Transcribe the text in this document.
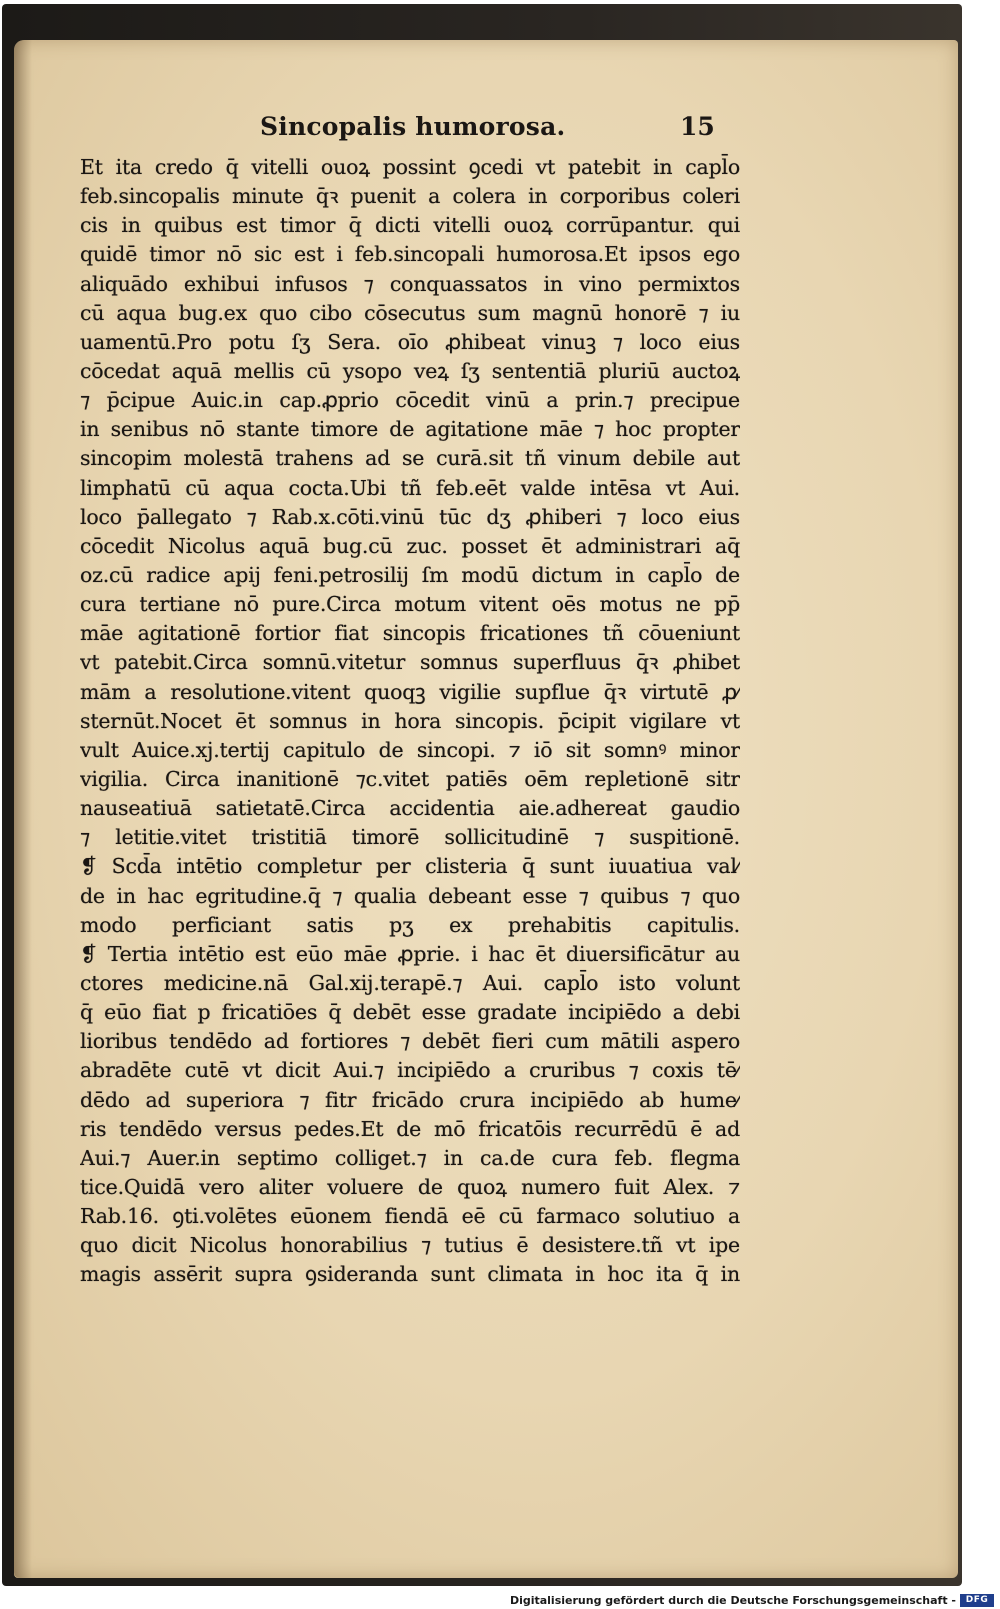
Sincopalis humorosa.	15
Et ita credo q̄ vitelli ouoꝝ possint ꝯcedi vt patebit in capl̄o
feb.sincopalis minute q̄ꝛ puenit a colera in corporibus coleri
cis in quibus est timor q̄ dicti vitelli ouoꝝ corrūpantur. qui
quidē timor nō sic est i feb.sincopali humorosa.Et ipsos ego
aliquādo exhibui infusos ⁊ conquassatos in vino permixtos
cū aqua bug.ex quo cibo cōsecutus sum magnū honorē ⁊ iu
uamentū.Pro potu ſʒ Sera. oīo ꝓhibeat vinuꝫ ⁊ loco eius
cōcedat aquā mellis cū ysopo veꝝ ſʒ sententiā pluriū auctoꝝ
⁊ p̄cipue Auic.in cap.ꝓprio cōcedit vinū a prin.⁊ precipue
in senibus nō stante timore de agitatione māe ⁊ hoc propter
sincopim molestā trahens ad se curā.sit tñ vinum debile aut
limphatū cū aqua cocta.Ubi tñ feb.eēt valde intēsa vt Aui.
loco p̄allegato ⁊ Rab.x.cōti.vinū tūc dʒ ꝓhiberi ⁊ loco eius
cōcedit Nicolus aquā bug.cū zuc. posset ēt administrari aq̄
oz.cū radice apij feni.petrosilij ſm modū dictum in capl̄o de
cura tertiane nō pure.Circa motum vitent oēs motus ne pp̄
māe agitationē fortior fiat sincopis fricationes tñ cōueniunt
vt patebit.Circa somnū.vitetur somnus superfluus q̄ꝛ ꝓhibet
mām a resolutione.vitent quoqꝫ vigilie supflue q̄ꝛ virtutē ꝓ⁄
sternūt.Nocet ēt somnus in hora sincopis. p̄cipit vigilare vt
vult Auice.xj.tertij capitulo de sincopi. ⁊ iō sit somnꝰ minor
vigilia. Circa inanitionē ⁊c.vitet patiēs oēm repletionē sitr
nauseatiuā satietatē.Circa accidentia aie.adhereat gaudio
⁊ letitie.vitet tristitiā timorē sollicitudinē ⁊ suspitionē.
❡ Scd̄a intētio completur per clisteria q̄ sunt iuuatiua val⁄
de in hac egritudine.q̄ ⁊ qualia debeant esse ⁊ quibus ⁊ quo
modo perficiant satis pʒ ex prehabitis capitulis.
❡ Tertia intētio est eūo māe ꝓprie. i hac ēt diuersificātur au
ctores medicine.nā Gal.xij.terapē.⁊ Aui. capl̄o isto volunt
q̄ eūo fiat p fricatiōes q̄ debēt esse gradate incipiēdo a debi
lioribus tendēdo ad fortiores ⁊ debēt fieri cum mātili aspero
abradēte cutē vt dicit Aui.⁊ incipiēdo a cruribus ⁊ coxis tē⁄
dēdo ad superiora ⁊ fitr fricādo crura incipiēdo ab hume⁄
ris tendēdo versus pedes.Et de mō fricatōis recurrēdū ē ad
Aui.⁊ Auer.in septimo colliget.⁊ in ca.de cura feb. flegma
tice.Quidā vero aliter voluere de quoꝝ numero fuit Alex. ⁊
Rab.16. ꝯti.volētes eūonem fiendā eē cū farmaco solutiuo a
quo dicit Nicolus honorabilius ⁊ tutius ē desistere.tñ vt ipe
magis assērit supra ꝯsideranda sunt climata in hoc ita q̄ in
Digitalisierung gefördert durch die Deutsche Forschungsgemeinschaft -	DFG
